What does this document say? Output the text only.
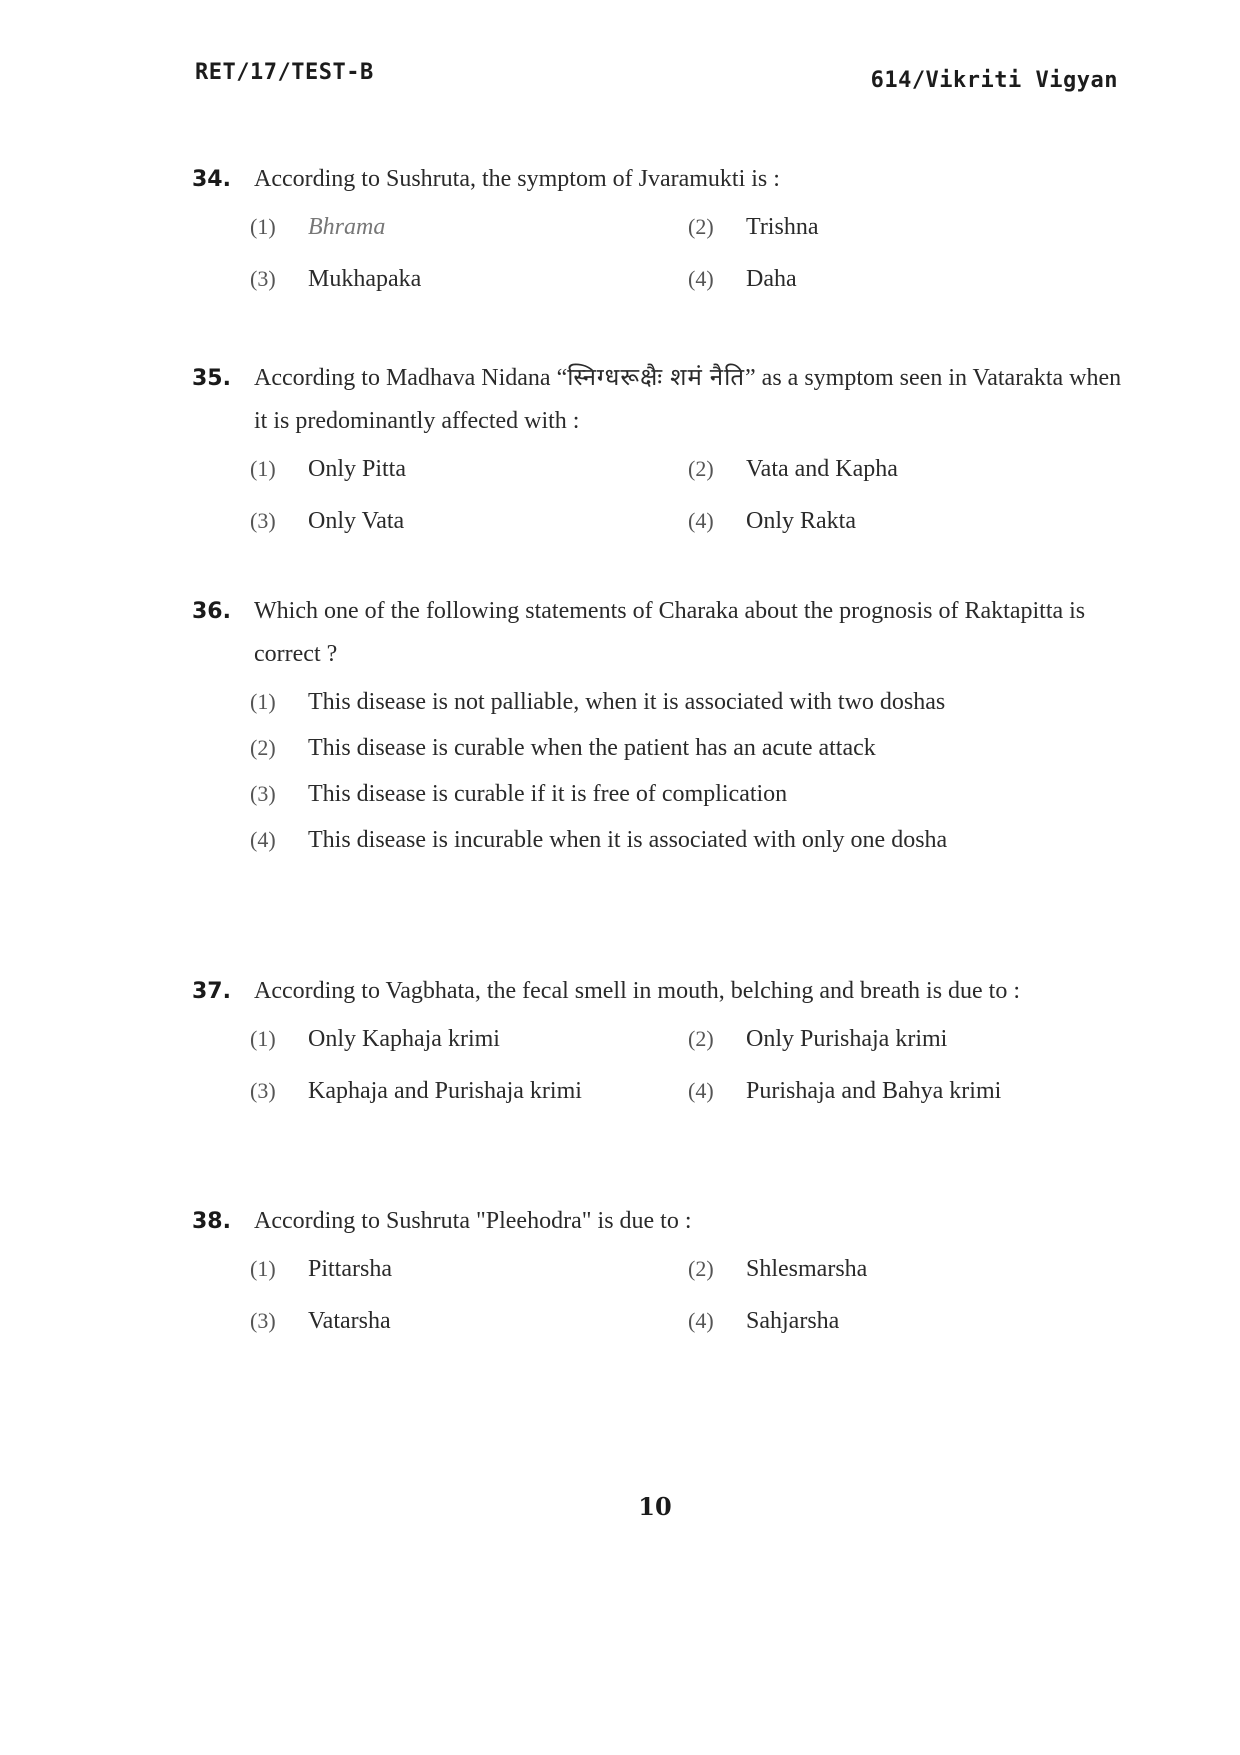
RET/17/TEST-B	614/Vikriti Vigyan
34. According to Sushruta, the symptom of Jvaramukti is :
(1)	Bhrama	(2)	Trishna
(3)	Mukhapaka	(4)	Daha
35. According to Madhava Nidana “स्निग्धरूक्षैः शमं नैति” as a symptom seen in Vatarakta when it is predominantly affected with :
(1)	Only Pitta	(2)	Vata and Kapha
(3)	Only Vata	(4)	Only Rakta
36. Which one of the following statements of Charaka about the prognosis of Raktapitta is correct ?
(1)	This disease is not palliable, when it is associated with two doshas
(2)	This disease is curable when the patient has an acute attack
(3)	This disease is curable if it is free of complication
(4)	This disease is incurable when it is associated with only one dosha
37. According to Vagbhata, the fecal smell in mouth, belching and breath is due to :
(1)	Only Kaphaja krimi	(2)	Only Purishaja krimi
(3)	Kaphaja and Purishaja krimi	(4)	Purishaja and Bahya krimi
38. According to Sushruta "Pleehodra" is due to :
(1)	Pittarsha	(2)	Shlesmarsha
(3)	Vatarsha	(4)	Sahjarsha
10
